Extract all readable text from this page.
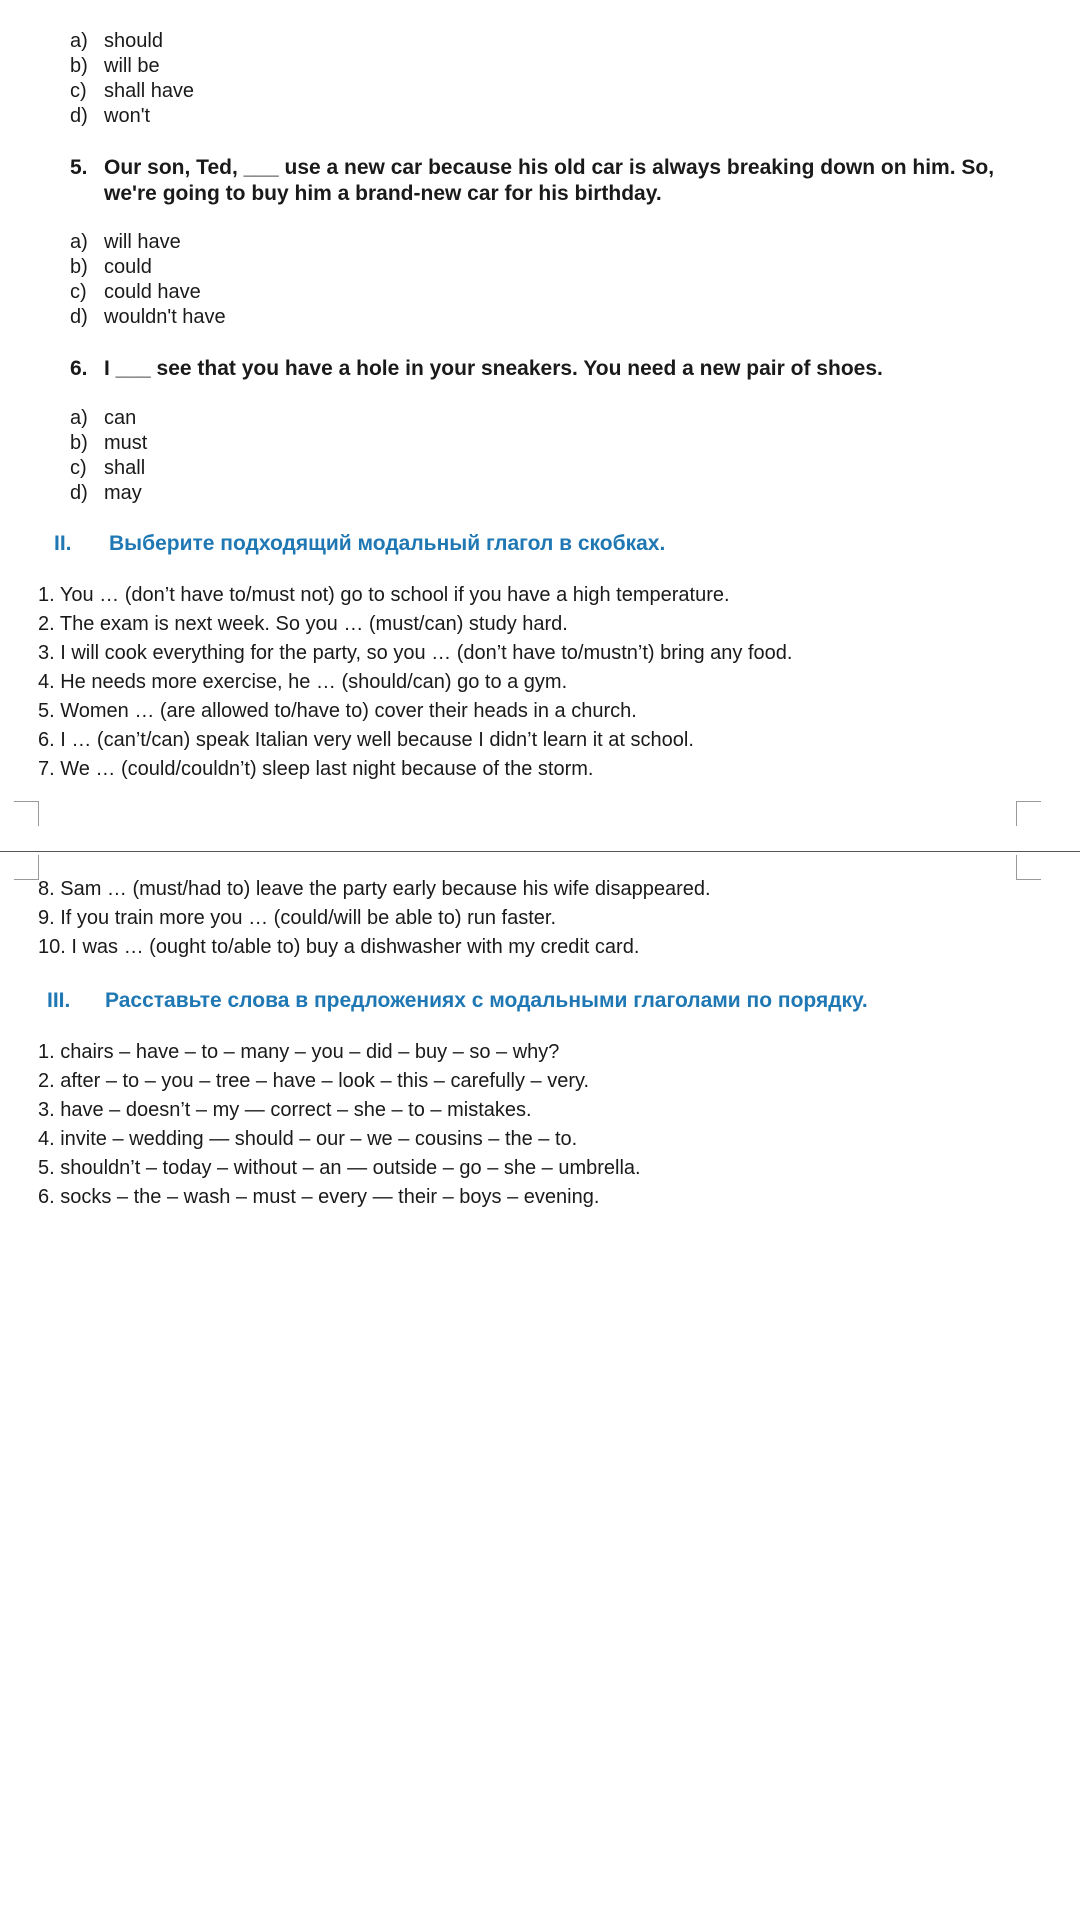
a) should
b) will be
c) shall have
d) won't
5. Our son, Ted, ___ use a new car because his old car is always breaking down on him. So, we're going to buy him a brand-new car for his birthday.
a) will have
b) could
c) could have
d) wouldn't have
6. I ___ see that you have a hole in your sneakers. You need a new pair of shoes.
a) can
b) must
c) shall
d) may
II.	Выберите подходящий модальный глагол в скобках.
1. You … (don’t have to/must not) go to school if you have a high temperature.
2. The exam is next week. So you … (must/can) study hard.
3. I will cook everything for the party, so you … (don’t have to/mustn’t) bring any food.
4. He needs more exercise, he … (should/can) go to a gym.
5. Women … (are allowed to/have to) cover their heads in a church.
6. I … (can’t/can) speak Italian very well because I didn’t learn it at school.
7. We … (could/couldn’t) sleep last night because of the storm.
8. Sam … (must/had to) leave the party early because his wife disappeared.
9. If you train more you … (could/will be able to) run faster.
10. I was … (ought to/able to) buy a dishwasher with my credit card.
III.	Расставьте слова в предложениях с модальными глаголами по порядку.
1. chairs – have – to – many – you – did – buy – so – why?
2. after – to – you – tree – have – look – this – carefully – very.
3. have – doesn’t – my — correct – she – to – mistakes.
4. invite – wedding — should – our – we – cousins – the – to.
5. shouldn’t – today – without – an — outside – go – she – umbrella.
6. socks – the – wash – must – every — their – boys – evening.
